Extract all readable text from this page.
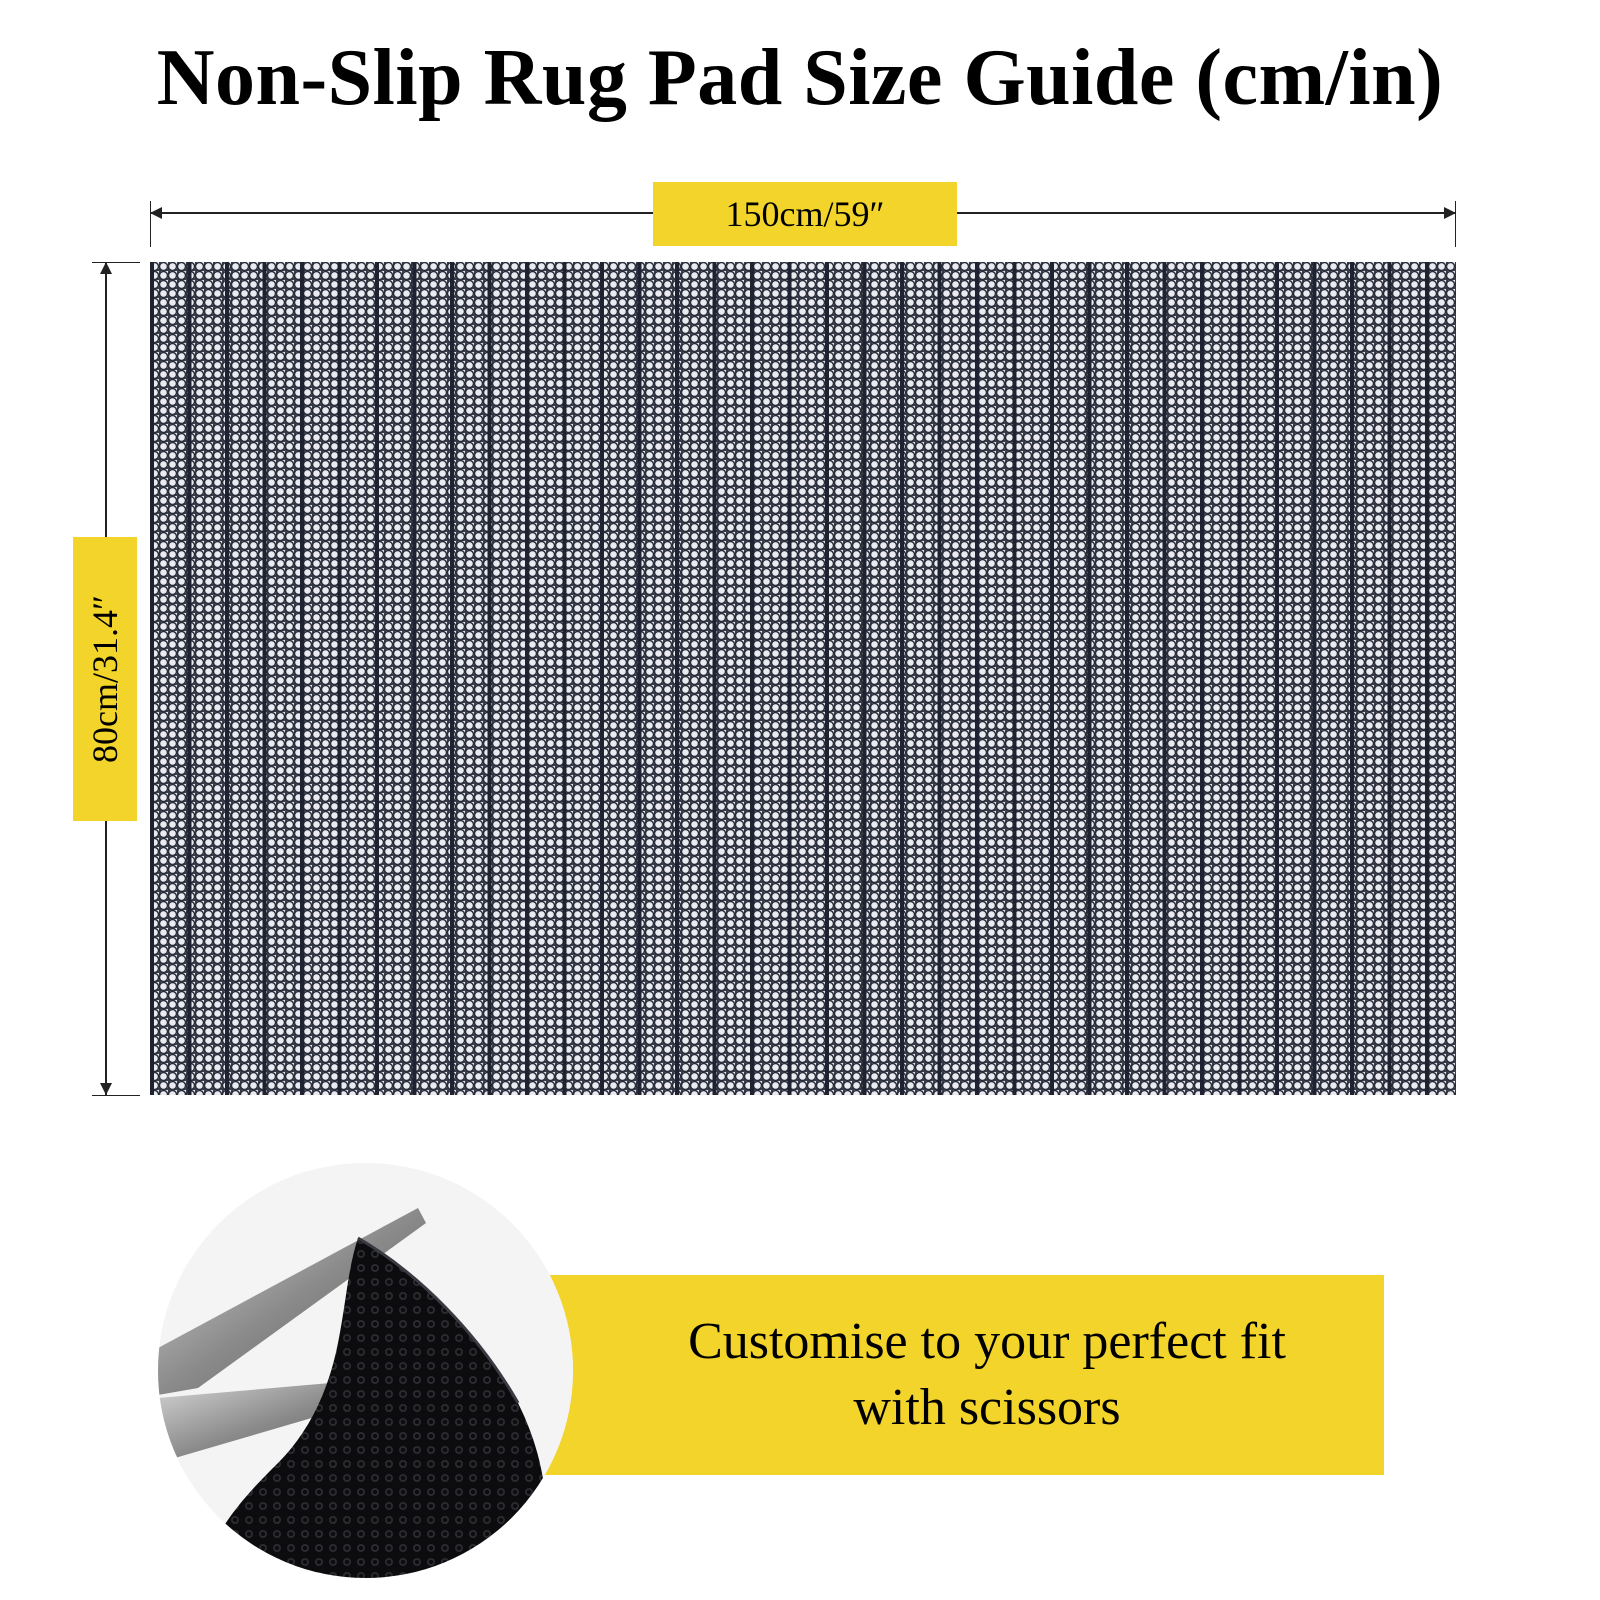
Non-Slip Rug Pad Size Guide (cm/in)
150cm/59″
80cm/31.4″
Customise to your perfect fit
with scissors
